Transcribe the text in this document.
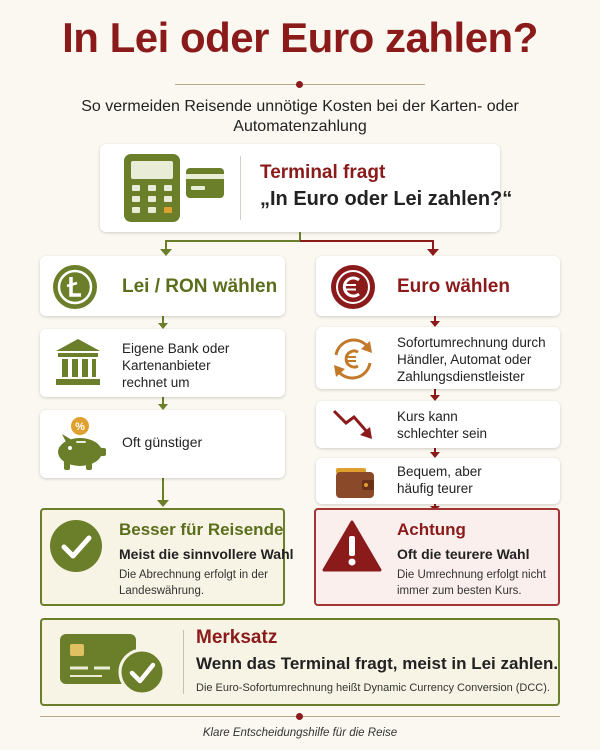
In Lei oder Euro zahlen?
So vermeiden Reisende unnötige Kosten bei der Karten- oder Automatenzahlung
Terminal fragt
„In Euro oder Lei zahlen?“
Lei / RON wählen	Euro wählen
Eigene Bank oder Kartenanbieter rechnet um
%
Oft günstiger
Sofortumrechnung durch Händler, Automat oder Zahlungsdienstleister
Kurs kann schlechter sein
Bequem, aber häufig teurer
Besser für Reisende
Meist die sinnvollere Wahl
Die Abrechnung erfolgt in der Landeswährung.
Achtung
Oft die teurere Wahl
Die Umrechnung erfolgt nicht immer zum besten Kurs.
Merksatz
Wenn das Terminal fragt, meist in Lei zahlen.
Die Euro-Sofortumrechnung heißt Dynamic Currency Conversion (DCC).
Klare Entscheidungshilfe für die Reise
